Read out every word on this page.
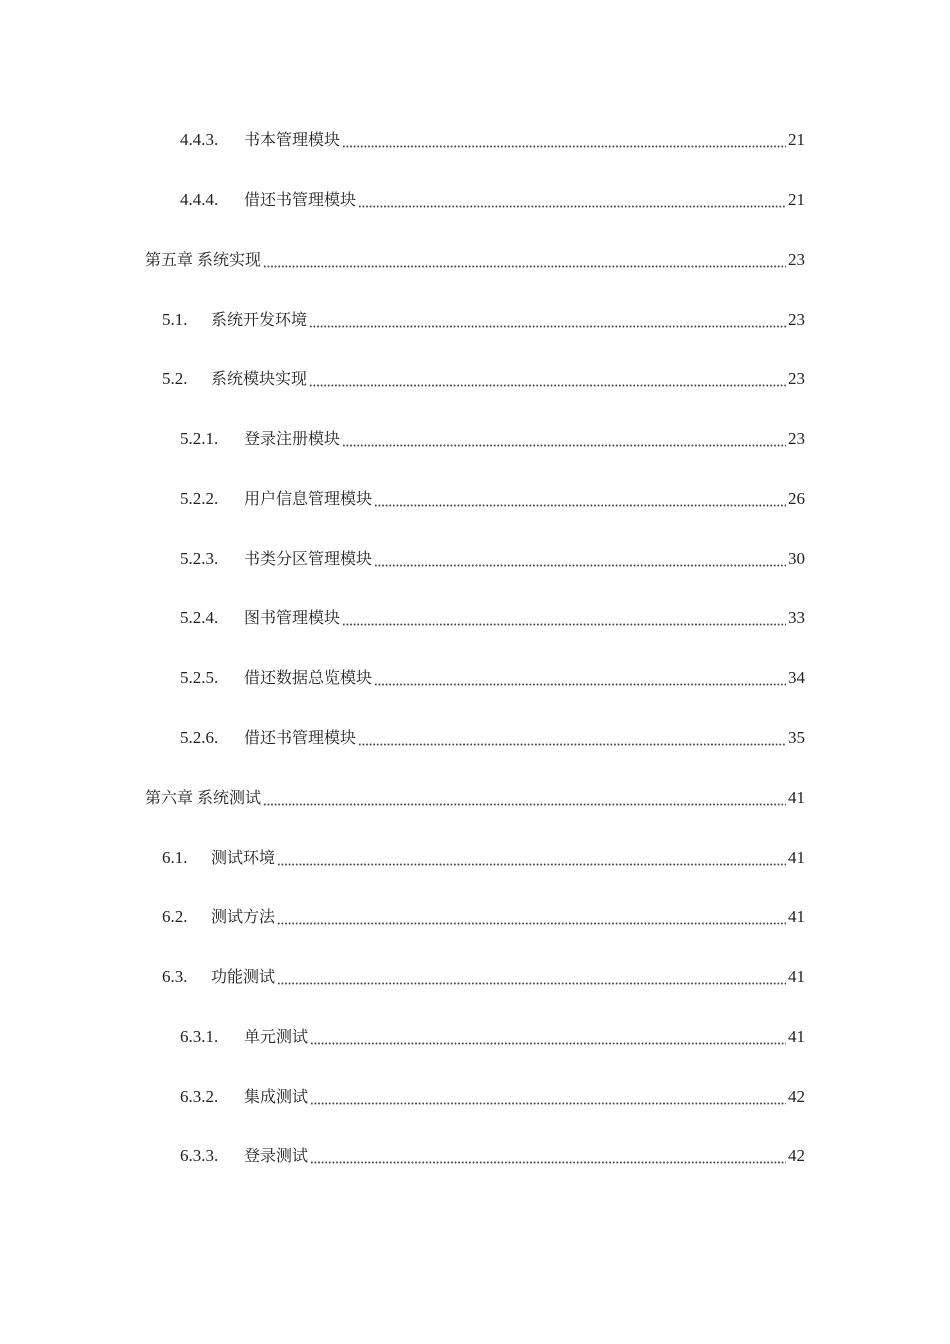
4.4.3.	书本管理模块	21
4.4.4.	借还书管理模块	21
第五章 系统实现	23
5.1.	系统开发环境	23
5.2.	系统模块实现	23
5.2.1.	登录注册模块	23
5.2.2.	用户信息管理模块	26
5.2.3.	书类分区管理模块	30
5.2.4.	图书管理模块	33
5.2.5.	借还数据总览模块	34
5.2.6.	借还书管理模块	35
第六章 系统测试	41
6.1.	测试环境	41
6.2.	测试方法	41
6.3.	功能测试	41
6.3.1.	单元测试	41
6.3.2.	集成测试	42
6.3.3.	登录测试	42
